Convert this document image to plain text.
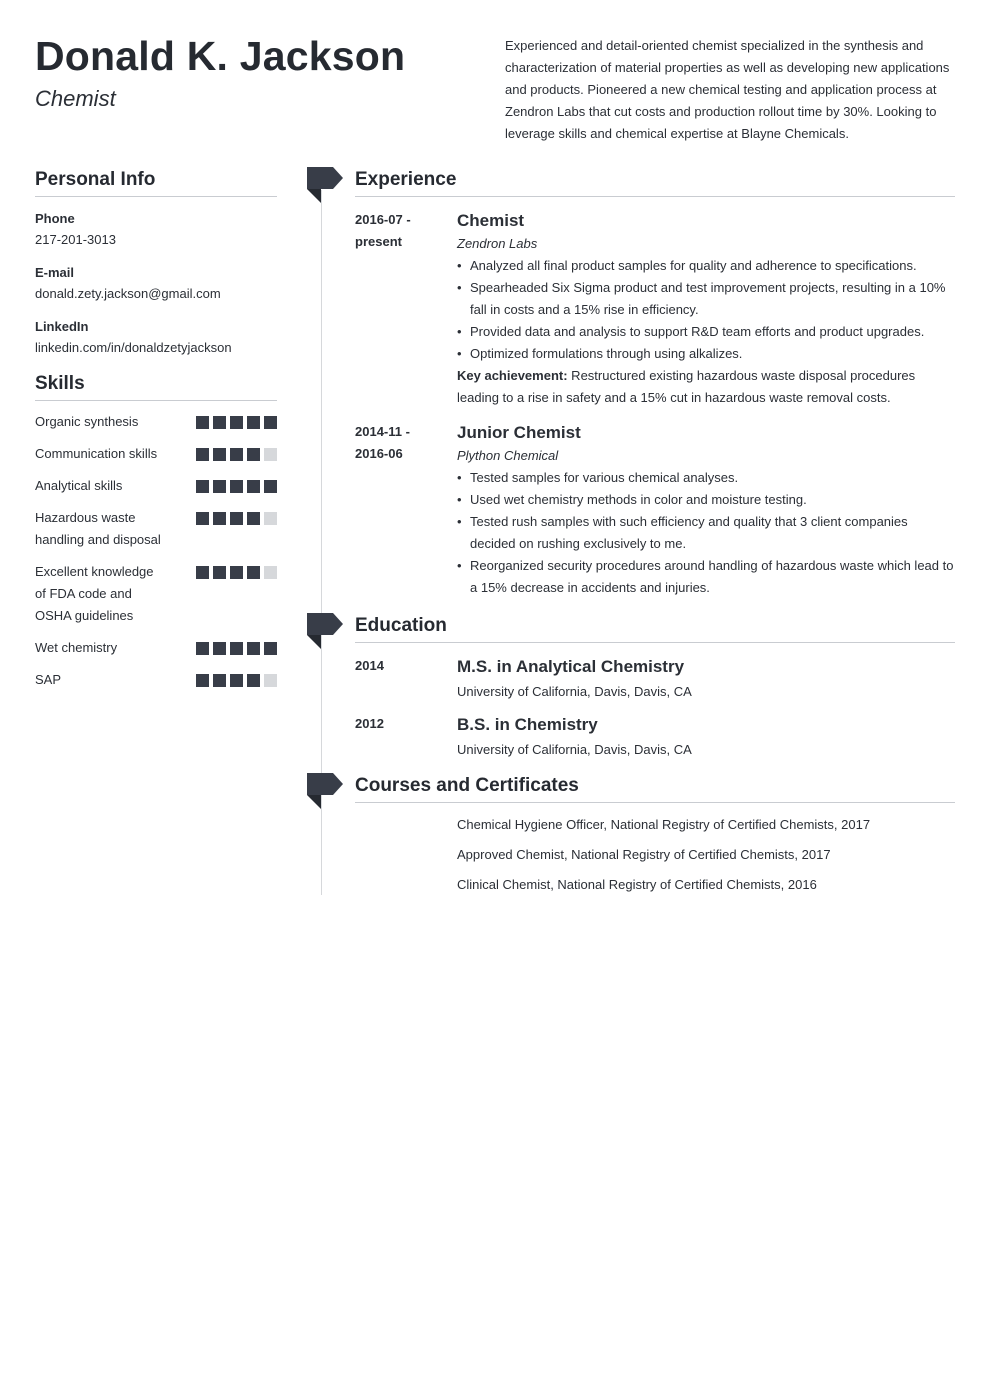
Donald K. Jackson
Chemist
Experienced and detail-oriented chemist specialized in the synthesis and characterization of material properties as well as developing new applications and products. Pioneered a new chemical testing and application process at Zendron Labs that cut costs and production rollout time by 30%. Looking to leverage skills and chemical expertise at Blayne Chemicals.
Personal Info
Phone
217-201-3013
E-mail
donald.zety.jackson@gmail.com
LinkedIn
linkedin.com/in/donaldzetyjackson
Skills
Organic synthesis
Communication skills
Analytical skills
Hazardous waste handling and disposal
Excellent knowledge of FDA code and OSHA guidelines
Wet chemistry
SAP
Experience
2016-07 -
present
Chemist
Zendron Labs
• Analyzed all final product samples for quality and adherence to specifications.
• Spearheaded Six Sigma product and test improvement projects, resulting in a 10% fall in costs and a 15% rise in efficiency.
• Provided data and analysis to support R&D team efforts and product upgrades.
• Optimized formulations through using alkalizes.
Key achievement: Restructured existing hazardous waste disposal procedures leading to a rise in safety and a 15% cut in hazardous waste removal costs.
2014-11 -
2016-06
Junior Chemist
Plython Chemical
• Tested samples for various chemical analyses.
• Used wet chemistry methods in color and moisture testing.
• Tested rush samples with such efficiency and quality that 3 client companies decided on rushing exclusively to me.
• Reorganized security procedures around handling of hazardous waste which lead to a 15% decrease in accidents and injuries.
Education
2014	M.S. in Analytical Chemistry
University of California, Davis, Davis, CA
2012	B.S. in Chemistry
University of California, Davis, Davis, CA
Courses and Certificates
Chemical Hygiene Officer, National Registry of Certified Chemists, 2017
Approved Chemist, National Registry of Certified Chemists, 2017
Clinical Chemist, National Registry of Certified Chemists, 2016
